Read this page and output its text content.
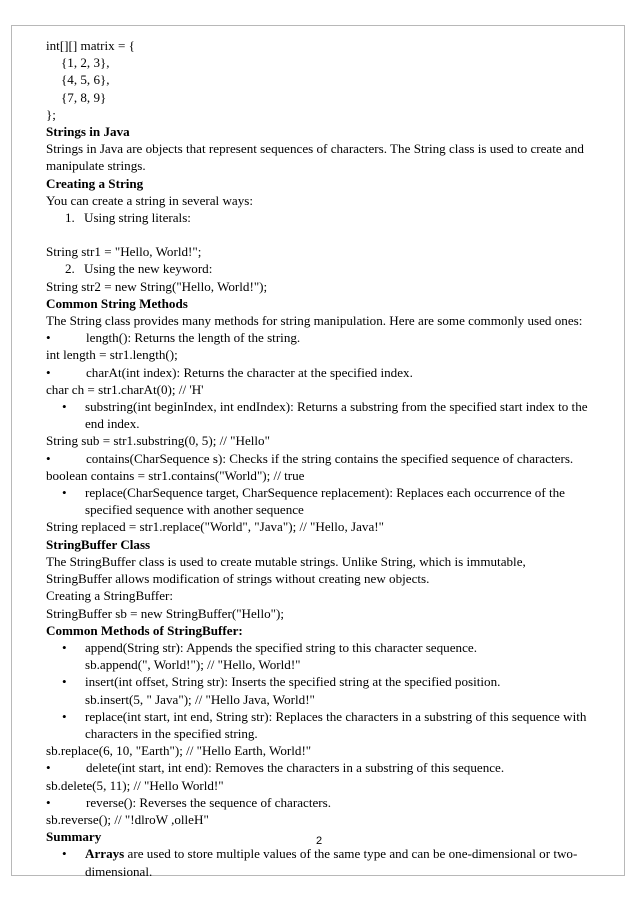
int[][] matrix = {
{1, 2, 3},
{4, 5, 6},
{7, 8, 9}
};
Strings in Java
Strings in Java are objects that represent sequences of characters. The String class is used to create and manipulate strings.
Creating a String
You can create a string in several ways:
1. Using string literals:
String str1 = "Hello, World!";
2. Using the new keyword:
String str2 = new String("Hello, World!");
Common String Methods
The String class provides many methods for string manipulation. Here are some commonly used ones:
•	length(): Returns the length of the string.
int length = str1.length();
•	charAt(int index): Returns the character at the specified index.
char ch = str1.charAt(0); // 'H'
•	substring(int beginIndex, int endIndex): Returns a substring from the specified start index to the end index.
String sub = str1.substring(0, 5); // "Hello"
•	contains(CharSequence s): Checks if the string contains the specified sequence of characters.
boolean contains = str1.contains("World"); // true
•	replace(CharSequence target, CharSequence replacement): Replaces each occurrence of the specified sequence with another sequence
String replaced = str1.replace("World", "Java"); // "Hello, Java!"
StringBuffer Class
The StringBuffer class is used to create mutable strings. Unlike String, which is immutable, StringBuffer allows modification of strings without creating new objects.
Creating a StringBuffer:
StringBuffer sb = new StringBuffer("Hello");
Common Methods of StringBuffer:
•	append(String str): Appends the specified string to this character sequence.
sb.append(", World!"); // "Hello, World!"
•	insert(int offset, String str): Inserts the specified string at the specified position.
sb.insert(5, " Java"); // "Hello Java, World!"
•	replace(int start, int end, String str): Replaces the characters in a substring of this sequence with characters in the specified string.
sb.replace(6, 10, "Earth"); // "Hello Earth, World!"
•	delete(int start, int end): Removes the characters in a substring of this sequence.
sb.delete(5, 11); // "Hello World!"
•	reverse(): Reverses the sequence of characters.
sb.reverse(); // "!dlroW ,olleH"
Summary
•	Arrays are used to store multiple values of the same type and can be one-dimensional or two-dimensional.
2
